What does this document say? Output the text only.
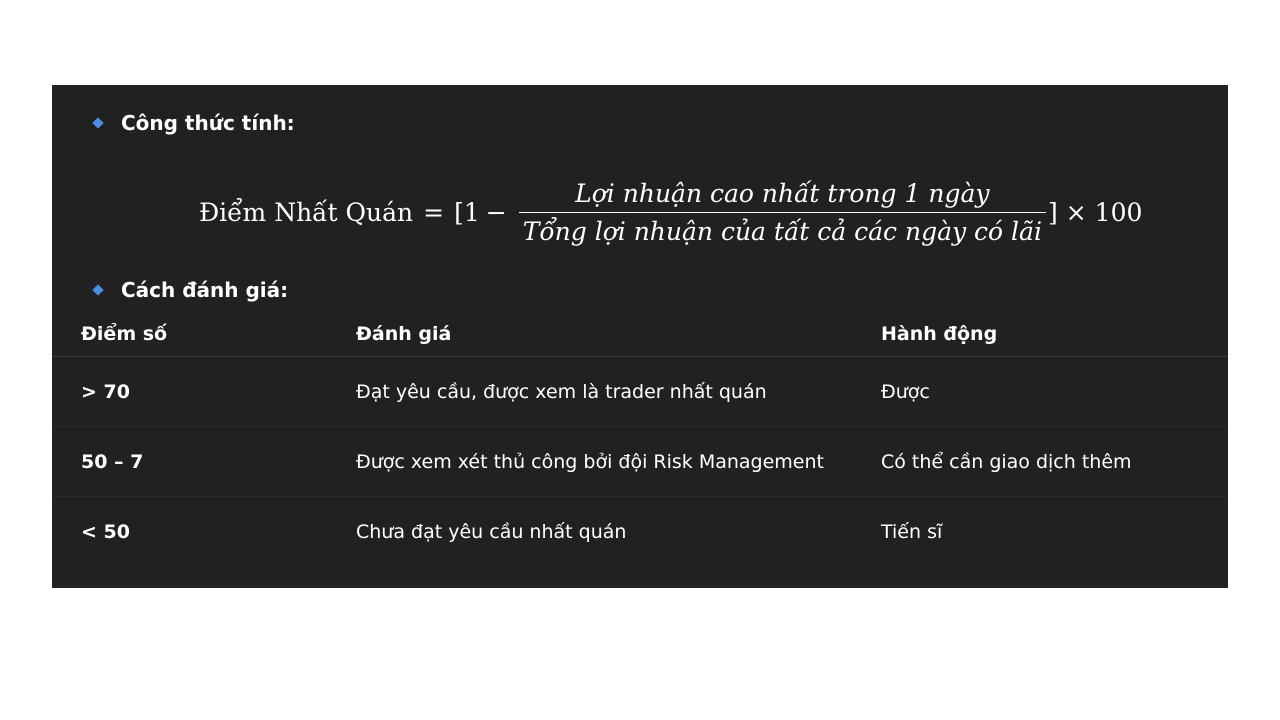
Công thức tính:
Điểm Nhất Quán = [$1 - \frac{\text{Lợi nhuận cao nhất trong 1 ngày}}{\text{Tổng lợi nhuận của tất cả các ngày có lãi}}$ ] × 100
Cách đánh giá:
Điểm số	Đánh giá	Hành động
> 70	Đạt yêu cầu, được xem là trader nhất quán	Được
50 – 7	Được xem xét thủ công bởi đội Risk Management	Có thể cần giao dịch thêm
< 50	Chưa đạt yêu cầu nhất quán	Tiến sĩ
